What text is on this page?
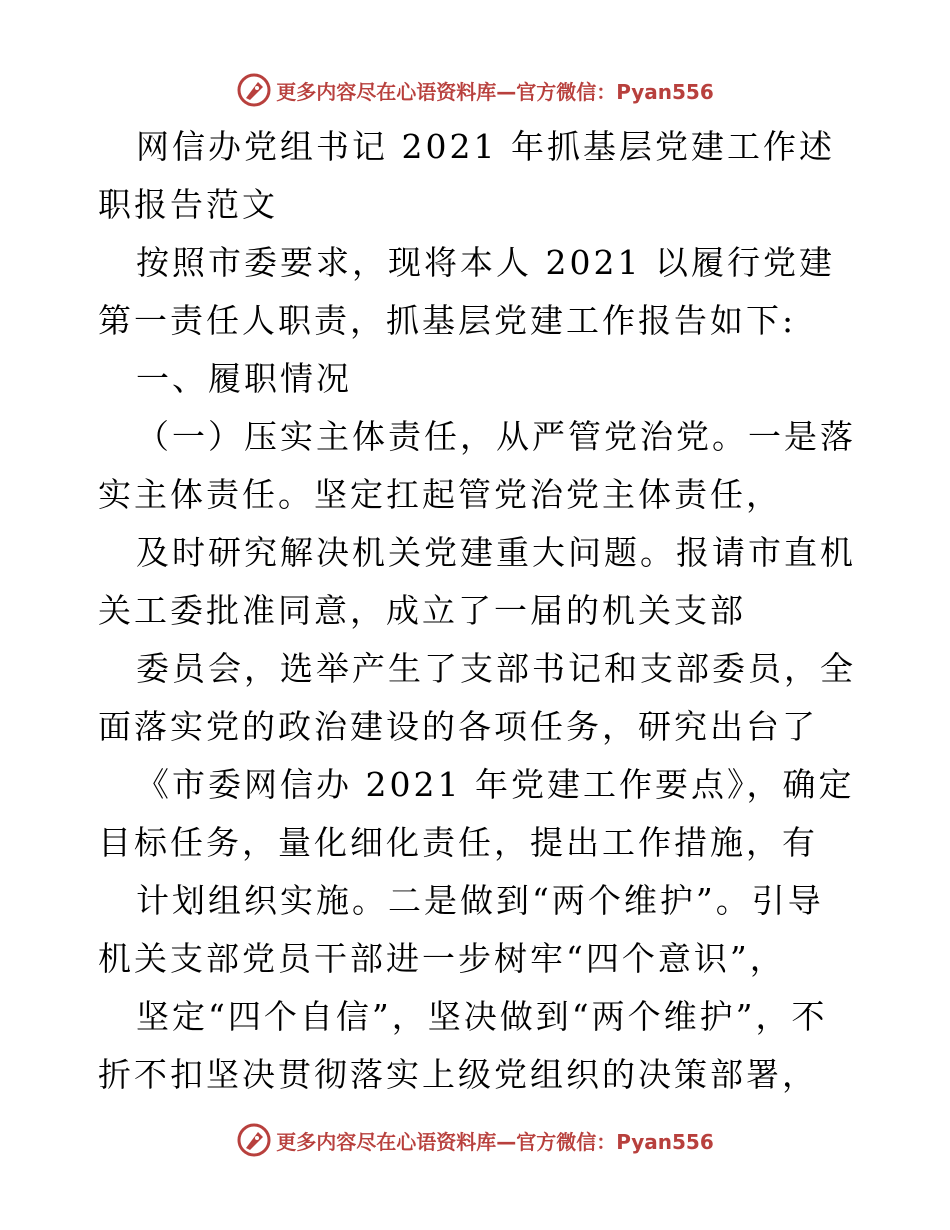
更多内容尽在心语资料库—官方微信：Pyan556

网信办党组书记 2021 年抓基层党建工作述职报告范文

按照市委要求，现将本人 2021 以履行党建第一责任人职责，抓基层党建工作报告如下:

一、履职情况

（一）压实主体责任，从严管党治党。一是落实主体责任。坚定扛起管党治党主体责任，

及时研究解决机关党建重大问题。报请市直机关工委批准同意，成立了一届的机关支部

委员会，选举产生了支部书记和支部委员，全面落实党的政治建设的各项任务，研究出台了

《市委网信办 2021 年党建工作要点》，确定目标任务，量化细化责任，提出工作措施，有

计划组织实施。二是做到“两个维护”。引导机关支部党员干部进一步树牢“四个意识”，

坚定“四个自信”，坚决做到“两个维护”，不折不扣坚决贯彻落实上级党组织的决策部署，

更多内容尽在心语资料库—官方微信：Pyan556
